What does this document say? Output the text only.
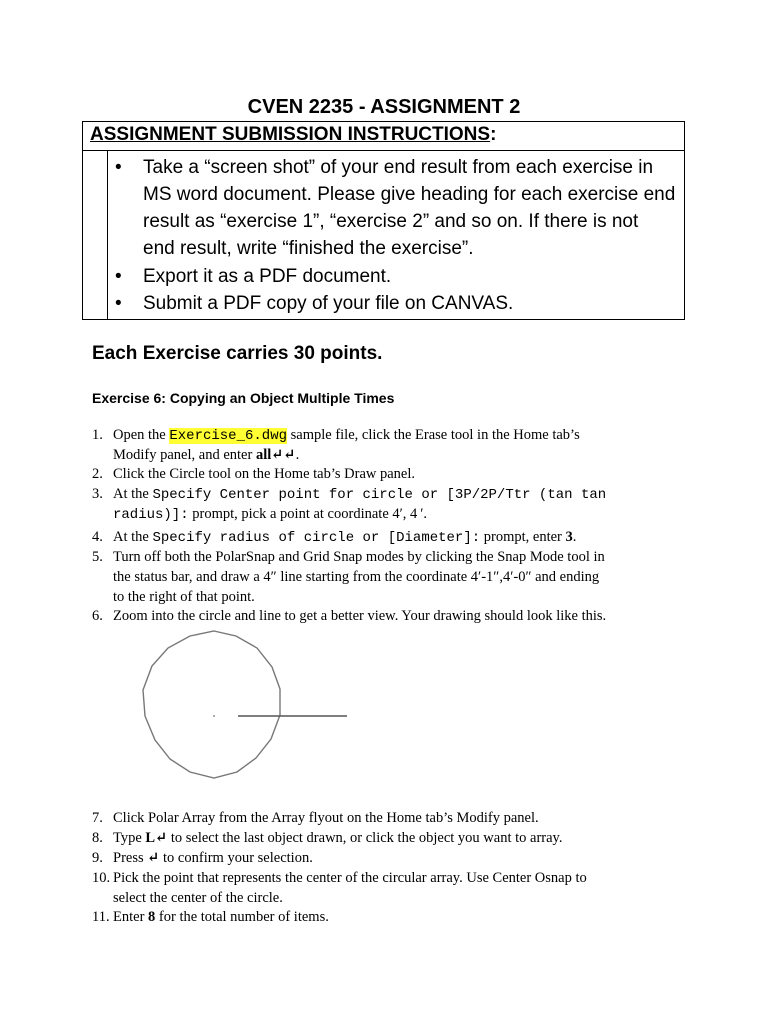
CVEN 2235 - ASSIGNMENT 2
ASSIGNMENT SUBMISSION INSTRUCTIONS:
•	Take a “screen shot” of your end result from each exercise in
MS word document. Please give heading for each exercise end
result as “exercise 1”, “exercise 2” and so on. If there is not
end result, write “finished the exercise”.
•	Export it as a PDF document.
•	Submit a PDF copy of your file on CANVAS.
Each Exercise carries 30 points.
Exercise 6: Copying an Object Multiple Times
1. Open the Exercise_6.dwg sample file, click the Erase tool in the Home tab’s
Modify panel, and enter all↵↵.
2. Click the Circle tool on the Home tab’s Draw panel.
3. At the Specify Center point for circle or [3P/2P/Ttr (tan tan
radius)]: prompt, pick a point at coordinate 4′, 4 ′.
4. At the Specify radius of circle or [Diameter]: prompt, enter 3.
5. Turn off both the PolarSnap and Grid Snap modes by clicking the Snap Mode tool in
the status bar, and draw a 4″ line starting from the coordinate 4′-1″,4′-0″ and ending
to the right of that point.
6. Zoom into the circle and line to get a better view. Your drawing should look like this.
7. Click Polar Array from the Array flyout on the Home tab’s Modify panel.
8. Type L↵ to select the last object drawn, or click the object you want to array.
9. Press ↵ to confirm your selection.
10. Pick the point that represents the center of the circular array. Use Center Osnap to
select the center of the circle.
11. Enter 8 for the total number of items.
